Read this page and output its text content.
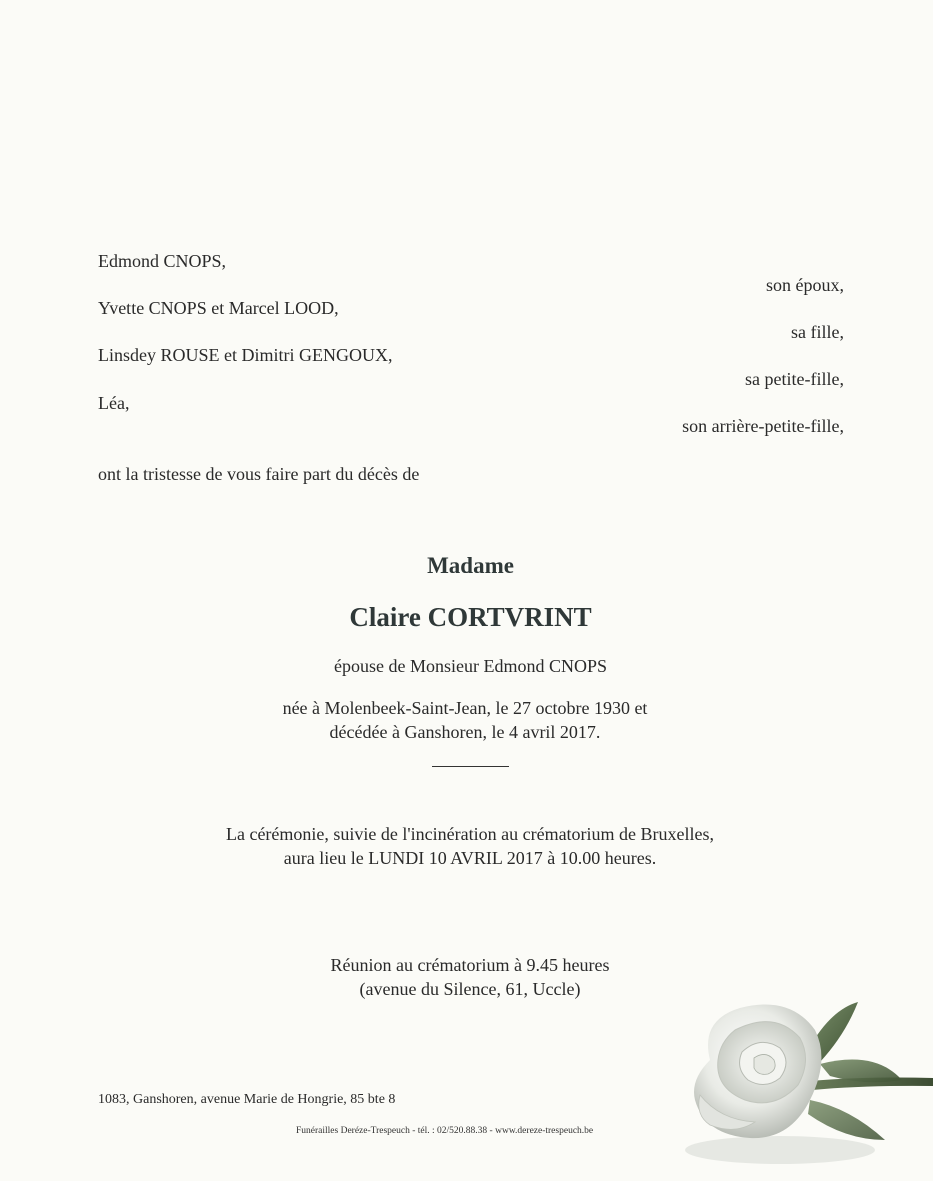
Edmond CNOPS,
Yvette CNOPS et Marcel LOOD,
Linsdey ROUSE et Dimitri GENGOUX,
Léa,
son époux,
sa fille,
sa petite-fille,
son arrière-petite-fille,
ont la tristesse de vous faire part du décès de
Madame
Claire CORTVRINT
épouse de Monsieur Edmond CNOPS
née à Molenbeek-Saint-Jean, le 27 octobre 1930 et
décédée à Ganshoren, le 4 avril 2017.
La cérémonie, suivie de l'incinération au crématorium de Bruxelles,
aura lieu le LUNDI 10 AVRIL 2017 à 10.00 heures.
Réunion au crématorium à 9.45 heures
(avenue du Silence, 61, Uccle)
1083, Ganshoren, avenue Marie de Hongrie, 85 bte 8
Funérailles Deréze-Trespeuch - tél. : 02/520.88.38 - www.dereze-trespeuch.be
